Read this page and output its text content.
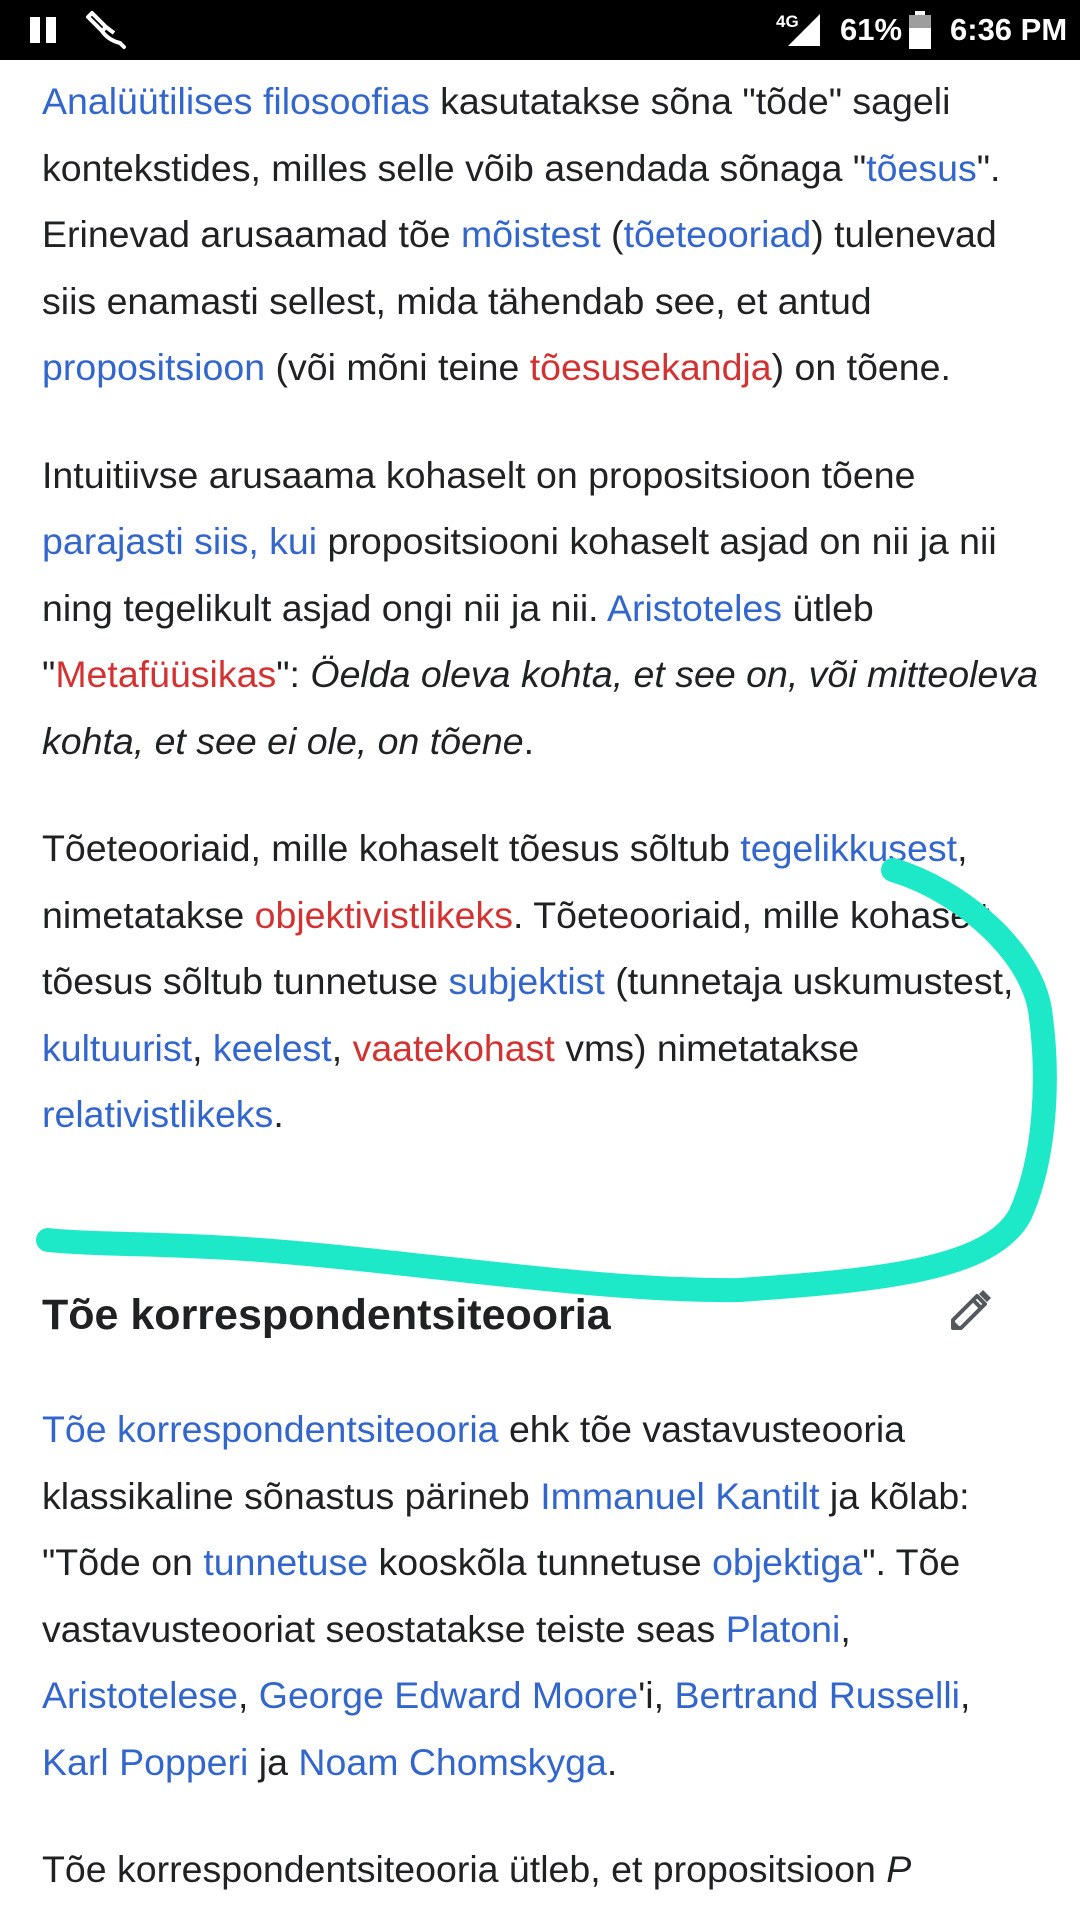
4G 61% 6:36 PM

Analüütilises filosoofias kasutatakse sõna "tõde" sageli kontekstides, milles selle võib asendada sõnaga "tõesus". Erinevad arusaamad tõe mõistest (tõeteooriad) tulenevad siis enamasti sellest, mida tähendab see, et antud propositsioon (või mõni teine tõesusekandja) on tõene.

Intuitiivse arusaama kohaselt on propositsioon tõene parajasti siis, kui propositsiooni kohaselt asjad on nii ja nii ning tegelikult asjad ongi nii ja nii. Aristoteles ütleb "Metafüüsikas": Öelda oleva kohta, et see on, või mitteoleva kohta, et see ei ole, on tõene.

Tõeteooriaid, mille kohaselt tõesus sõltub tegelikkusest, nimetatakse objektivistlikeks. Tõeteooriaid, mille kohaselt tõesus sõltub tunnetuse subjektist (tunnetaja uskumustest, kultuurist, keelest, vaatekohast vms) nimetatakse relativistlikeks.

Tõe korrespondentsiteooria

Tõe korrespondentsiteooria ehk tõe vastavusteooria klassikaline sõnastus pärineb Immanuel Kantilt ja kõlab: "Tõde on tunnetuse kooskõla tunnetuse objektiga". Tõe vastavusteooriat seostatakse teiste seas Platoni, Aristotelese, George Edward Moore'i, Bertrand Russelli, Karl Popperi ja Noam Chomskyga.

Tõe korrespondentsiteooria ütleb, et propositsioon P
